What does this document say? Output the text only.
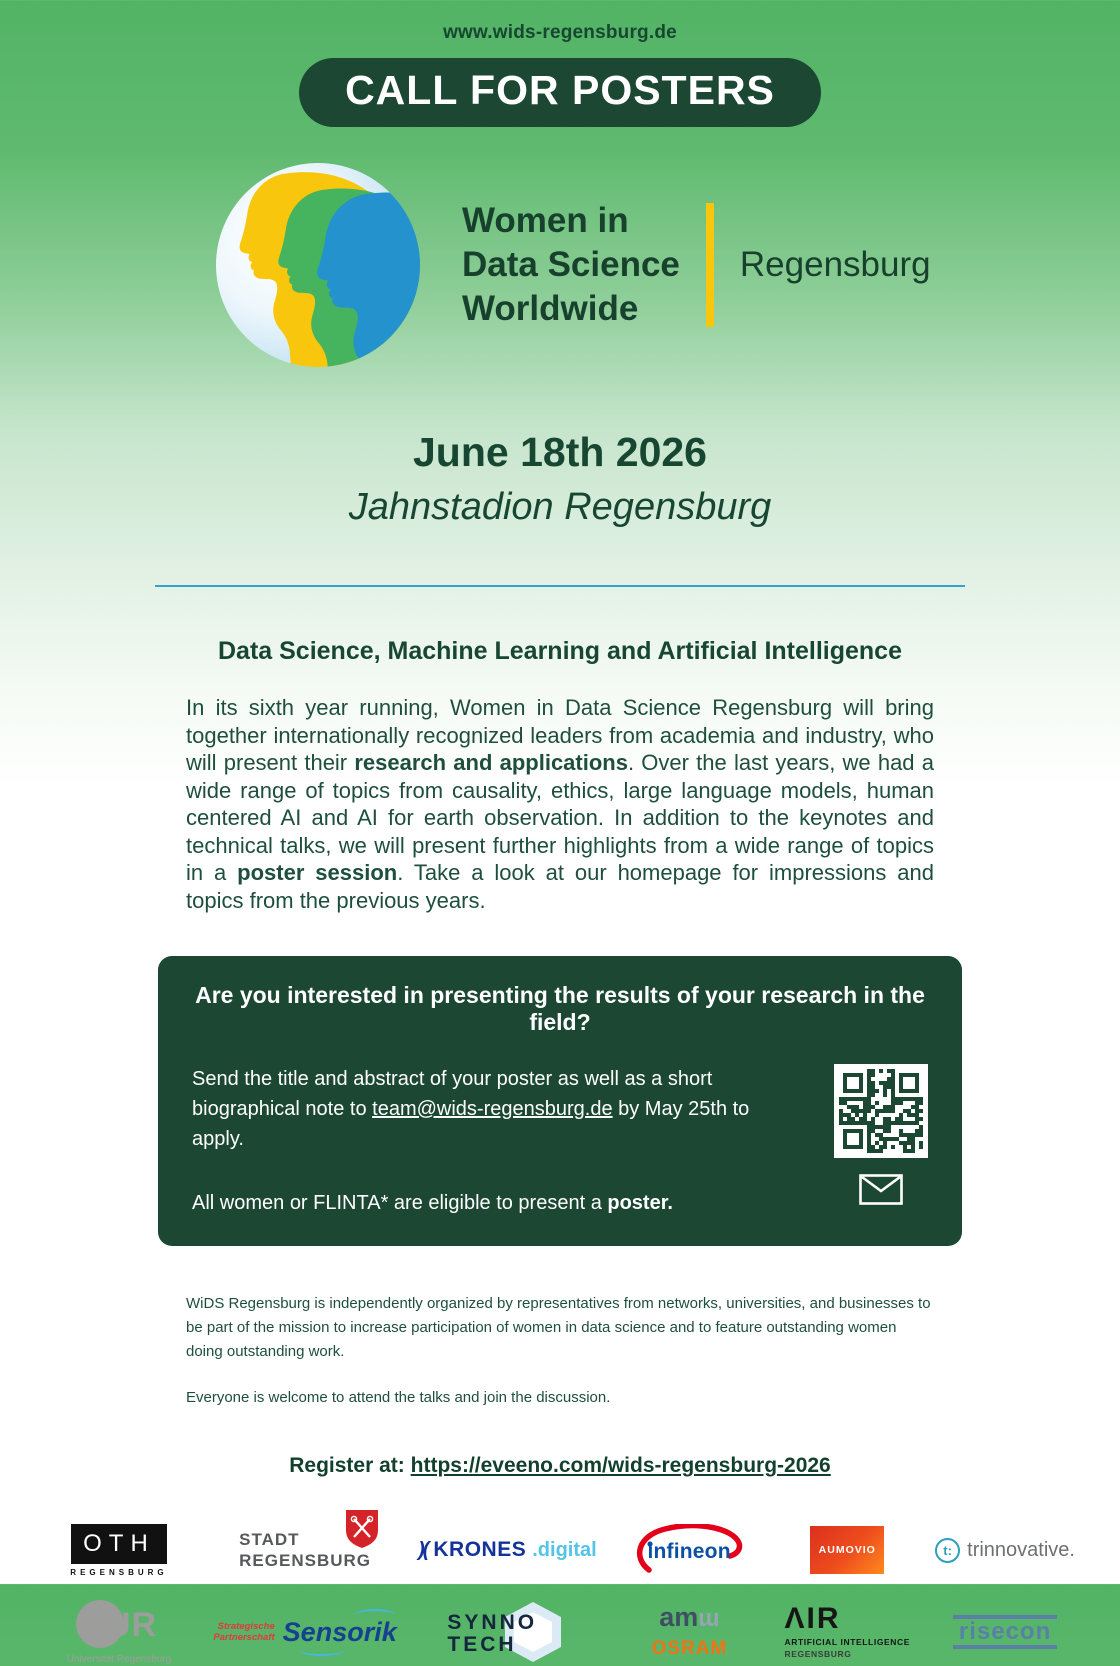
www.wids-regensburg.de
CALL FOR POSTERS
Women in
Data Science
Worldwide
Regensburg
June 18th 2026
Jahnstadion Regensburg
Data Science, Machine Learning and Artificial Intelligence

In its sixth year running, Women in Data Science Regensburg will bring together internationally recognized leaders from academia and industry, who will present their research and applications. Over the last years, we had a wide range of topics from causality, ethics, large language models, human centered AI and AI for earth observation. In addition to the keynotes and technical talks, we will present further highlights from a wide range of topics in a poster session. Take a look at our homepage for impressions and topics from the previous years.

Are you interested in presenting the results of your research in the field?

Send the title and abstract of your poster as well as a short biographical note to team@wids-regensburg.de by May 25th to apply.

All women or FLINTA* are eligible to present a poster.

WiDS Regensburg is independently organized by representatives from networks, universities, and businesses to be part of the mission to increase participation of women in data science and to feature outstanding women doing outstanding work.

Everyone is welcome to attend the talks and join the discussion.

Register at: https://eveeno.com/wids-regensburg-2026
OTH
REGENSBURG
STADT
REGENSBURG )( KRONES .digital infineon	AUMOVIO	t: trinnovative.
UR
Universität Regensburg
Strategische
Partnerschaft Sensorik SYNNO
TECH
amɯ
OSRAM
ΛIR
ARTIFICIAL INTELLIGENCE
REGENSBURG
risecon
